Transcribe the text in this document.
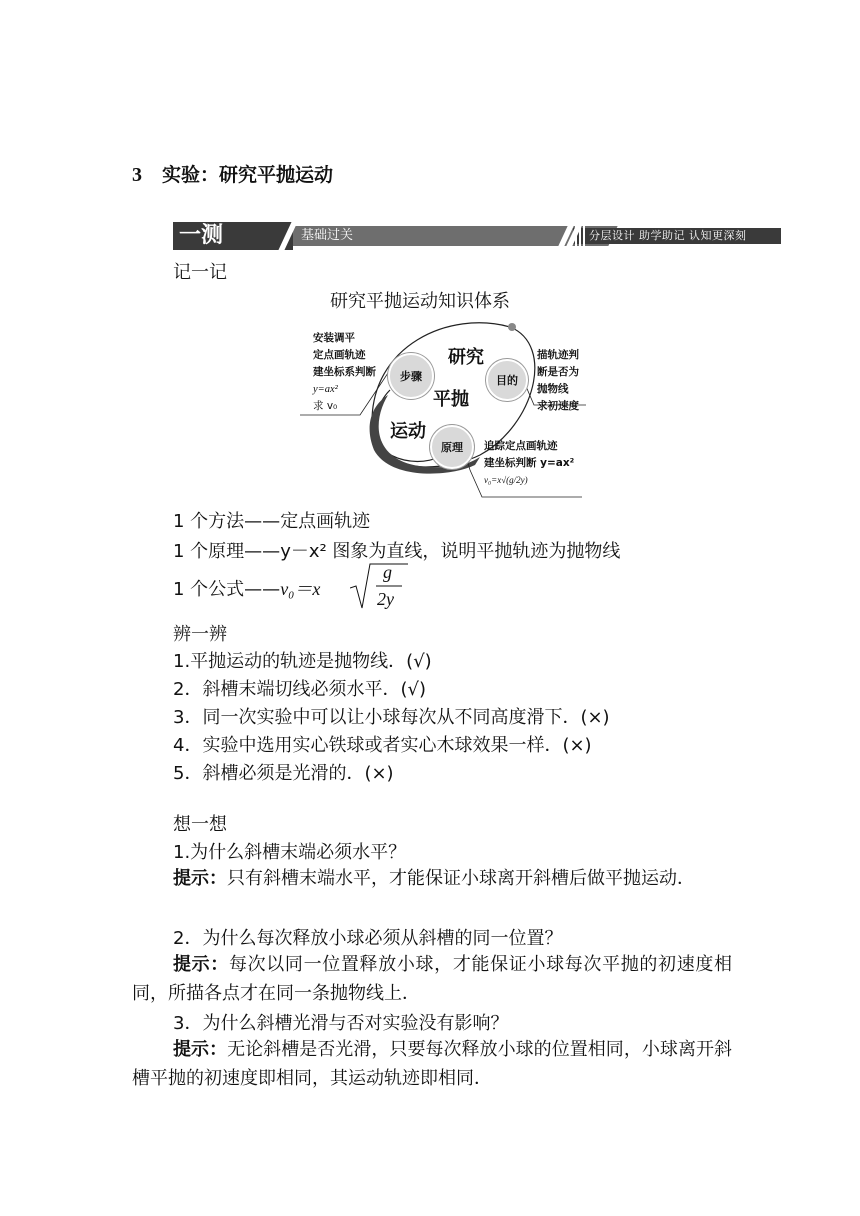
3 实验：研究平抛运动
一测	基础过关	分层设计 助学助记 认知更深刻
记一记
研究平抛运动知识体系
步骤	目的
原理
研究
平抛
运动
安装调平
定点画轨迹
建坐标系判断
y=ax²
求 v₀
描轨迹判
断是否为
抛物线
求初速度
追踪定点画轨迹
建坐标判断 y=ax²
v₀=x√(g/2y)
1 个方法——定点画轨迹
1 个原理——y－x² 图象为直线，说明平抛轨迹为抛物线
1 个公式——v₀＝x
g
2y
辨一辨
1.平抛运动的轨迹是抛物线．(√)
2．斜槽末端切线必须水平．(√)
3．同一次实验中可以让小球每次从不同高度滑下．(×)
4．实验中选用实心铁球或者实心木球效果一样．(×)
5．斜槽必须是光滑的．(×)
想一想
1.为什么斜槽末端必须水平？
提示：只有斜槽末端水平，才能保证小球离开斜槽后做平抛运动．
2．为什么每次释放小球必须从斜槽的同一位置？
提示：每次以同一位置释放小球，才能保证小球每次平抛的初速度相同，所描各点才在同一条抛物线上．
3．为什么斜槽光滑与否对实验没有影响？
提示：无论斜槽是否光滑，只要每次释放小球的位置相同，小球离开斜槽平抛的初速度即相同，其运动轨迹即相同．
